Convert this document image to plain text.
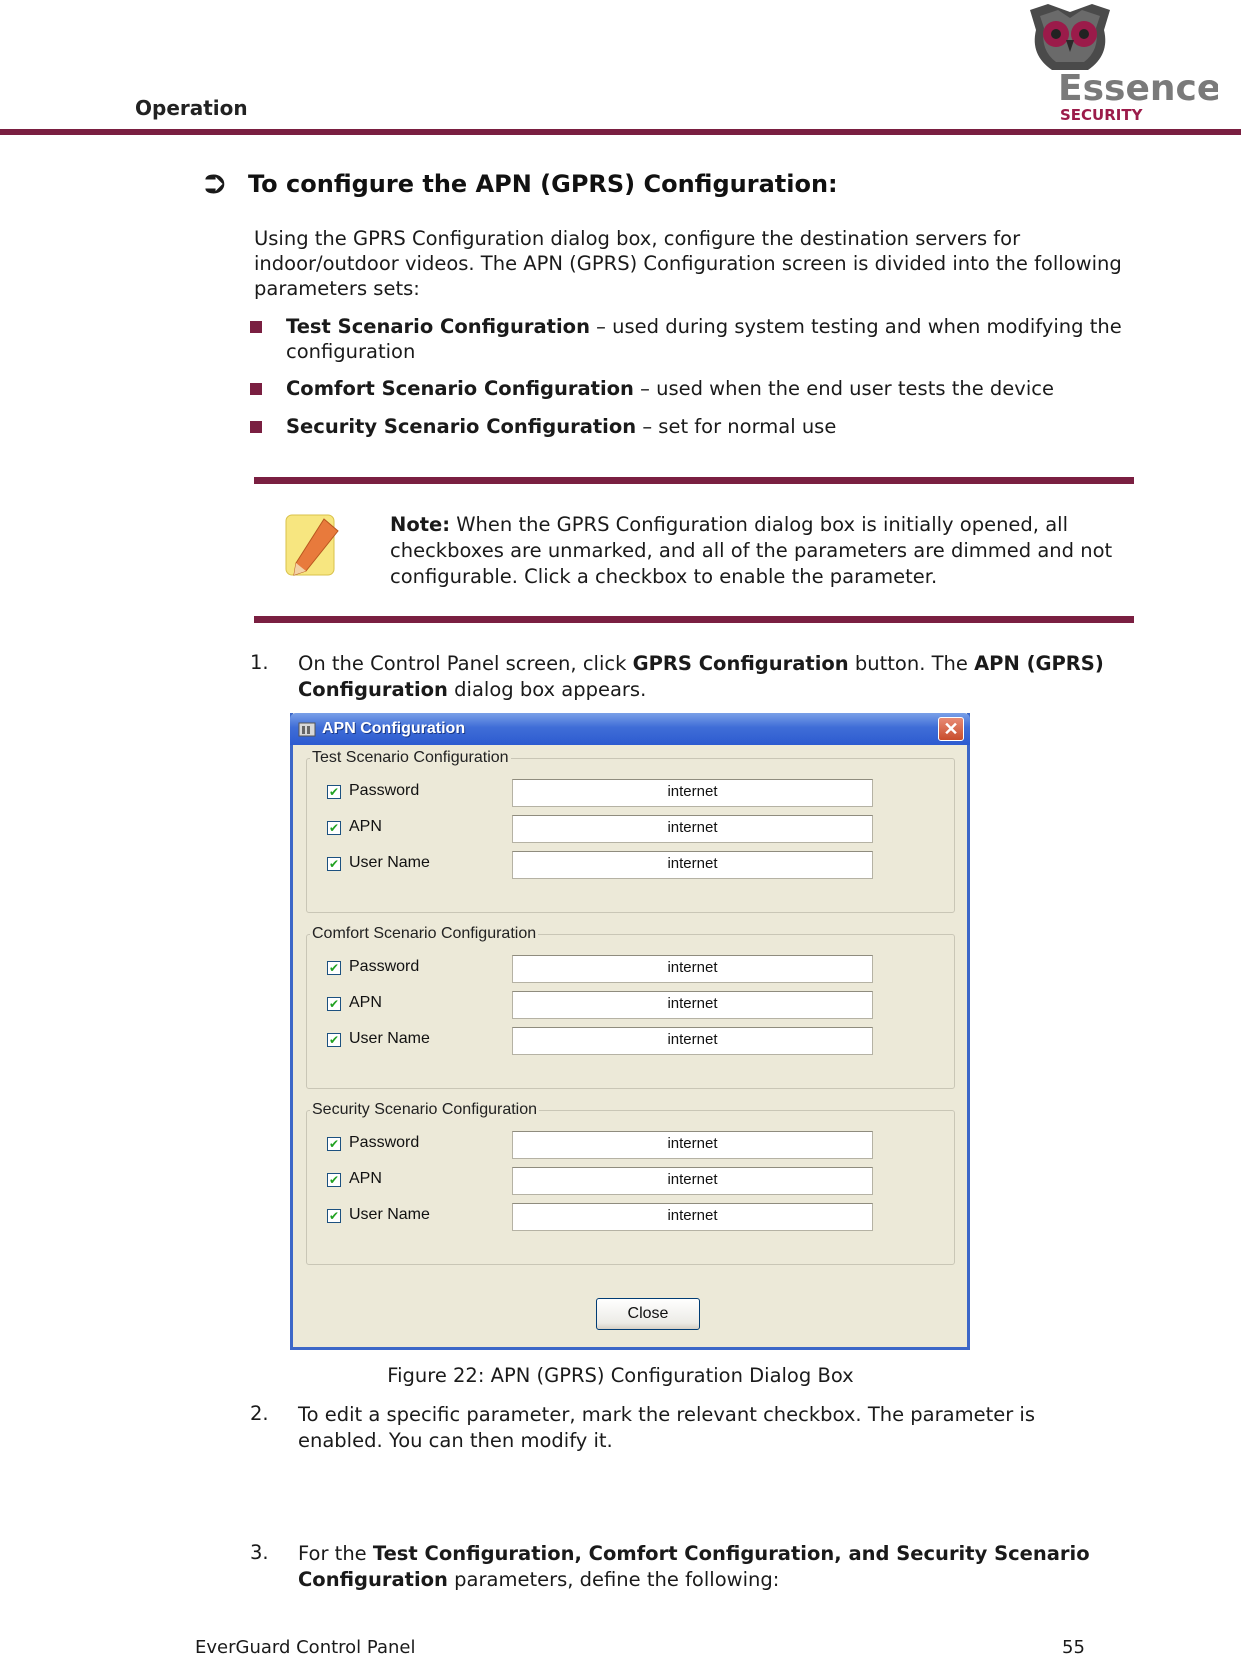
Operation	Essence
SECURITY
⮊ To configure the APN (GPRS) Configuration:
Using the GPRS Configuration dialog box, configure the destination servers for indoor/outdoor videos. The APN (GPRS) Configuration screen is divided into the following parameters sets:
Test Scenario Configuration – used during system testing and when modifying the configuration
Comfort Scenario Configuration – used when the end user tests the device
Security Scenario Configuration – set for normal use
Note: When the GPRS Configuration dialog box is initially opened, all checkboxes are unmarked, and all of the parameters are dimmed and not configurable. Click a checkbox to enable the parameter.
1. On the Control Panel screen, click GPRS Configuration button. The APN (GPRS) Configuration dialog box appears.
APN Configuration	✕
Test Scenario Configuration
✔ Password	internet
✔ APN	internet
✔ User Name	internet
Comfort Scenario Configuration
✔ Password	internet
✔ APN	internet
✔ User Name	internet
Security Scenario Configuration
✔ Password	internet
✔ APN	internet
✔ User Name	internet
Close
Figure 22: APN (GPRS) Configuration Dialog Box
2. To edit a specific parameter, mark the relevant checkbox. The parameter is enabled. You can then modify it.
3. For the Test Configuration, Comfort Configuration, and Security Scenario Configuration parameters, define the following:
EverGuard Control Panel	55
